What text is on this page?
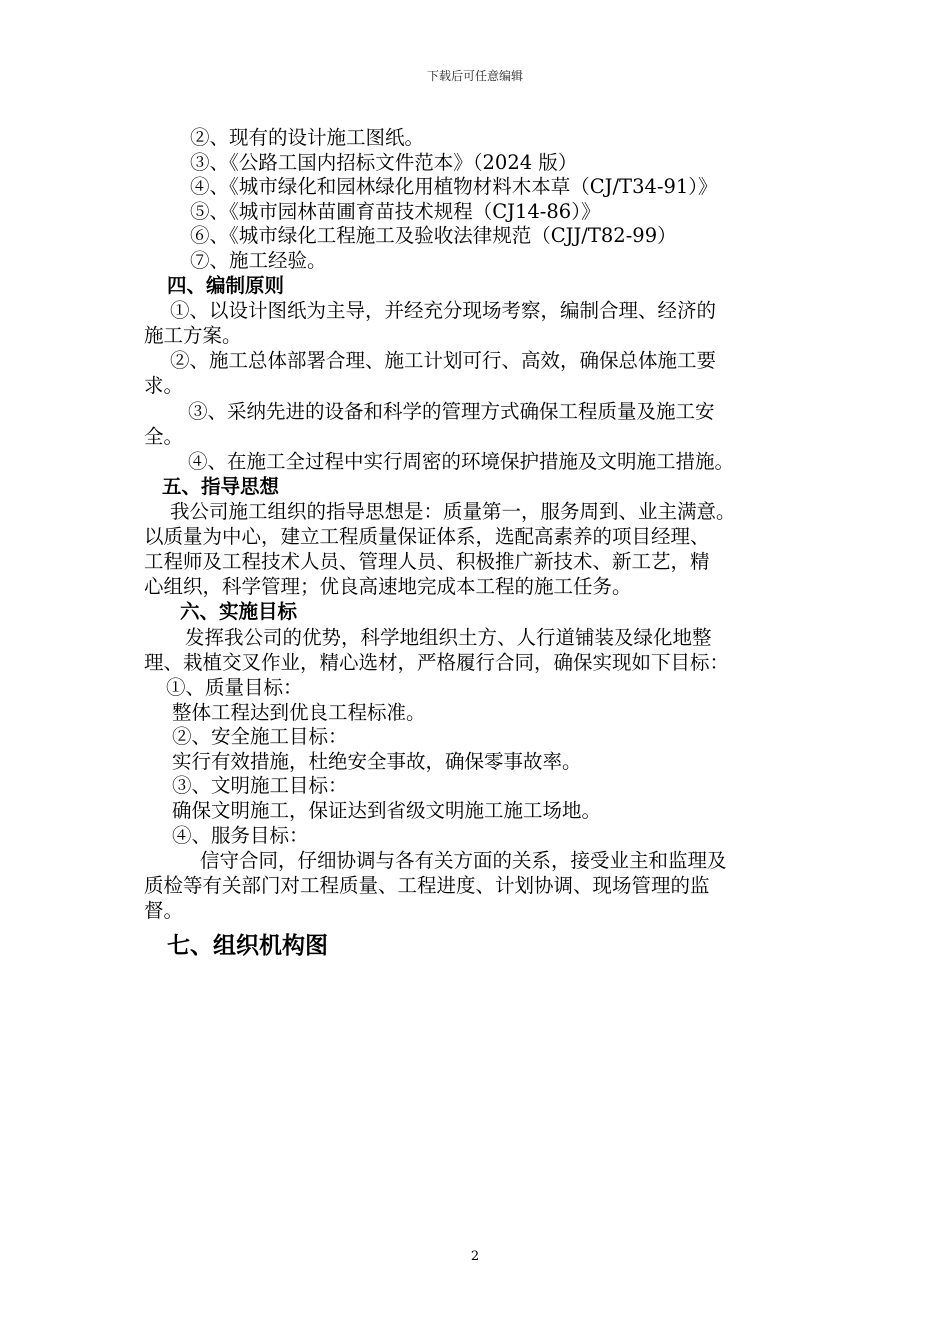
下载后可任意编辑
②、现有的设计施工图纸。
③、《公路工国内招标文件范本》（2024 版）
④、《城市绿化和园林绿化用植物材料木本草（CJ/T34-91）》
⑤、《城市园林苗圃育苗技术规程（CJ14-86）》
⑥、《城市绿化工程施工及验收法律规范（CJJ/T82-99）
⑦、施工经验。
四、编制原则
①、以设计图纸为主导，并经充分现场考察，编制合理、经济的
施工方案。
②、施工总体部署合理、施工计划可行、高效，确保总体施工要
求。
③、采纳先进的设备和科学的管理方式确保工程质量及施工安
全。
④、在施工全过程中实行周密的环境保护措施及文明施工措施。
五、指导思想
我公司施工组织的指导思想是：质量第一，服务周到、业主满意。
以质量为中心，建立工程质量保证体系，选配高素养的项目经理、
工程师及工程技术人员、管理人员、积极推广新技术、新工艺，精
心组织，科学管理；优良高速地完成本工程的施工任务。
六、实施目标
发挥我公司的优势，科学地组织土方、人行道铺装及绿化地整
理、栽植交叉作业，精心选材，严格履行合同，确保实现如下目标：
①、质量目标：
整体工程达到优良工程标准。
②、安全施工目标：
实行有效措施，杜绝安全事故，确保零事故率。
③、文明施工目标：
确保文明施工，保证达到省级文明施工施工场地。
④、服务目标：
信守合同，仔细协调与各有关方面的关系，接受业主和监理及
质检等有关部门对工程质量、工程进度、计划协调、现场管理的监
督。
七、组织机构图
2
